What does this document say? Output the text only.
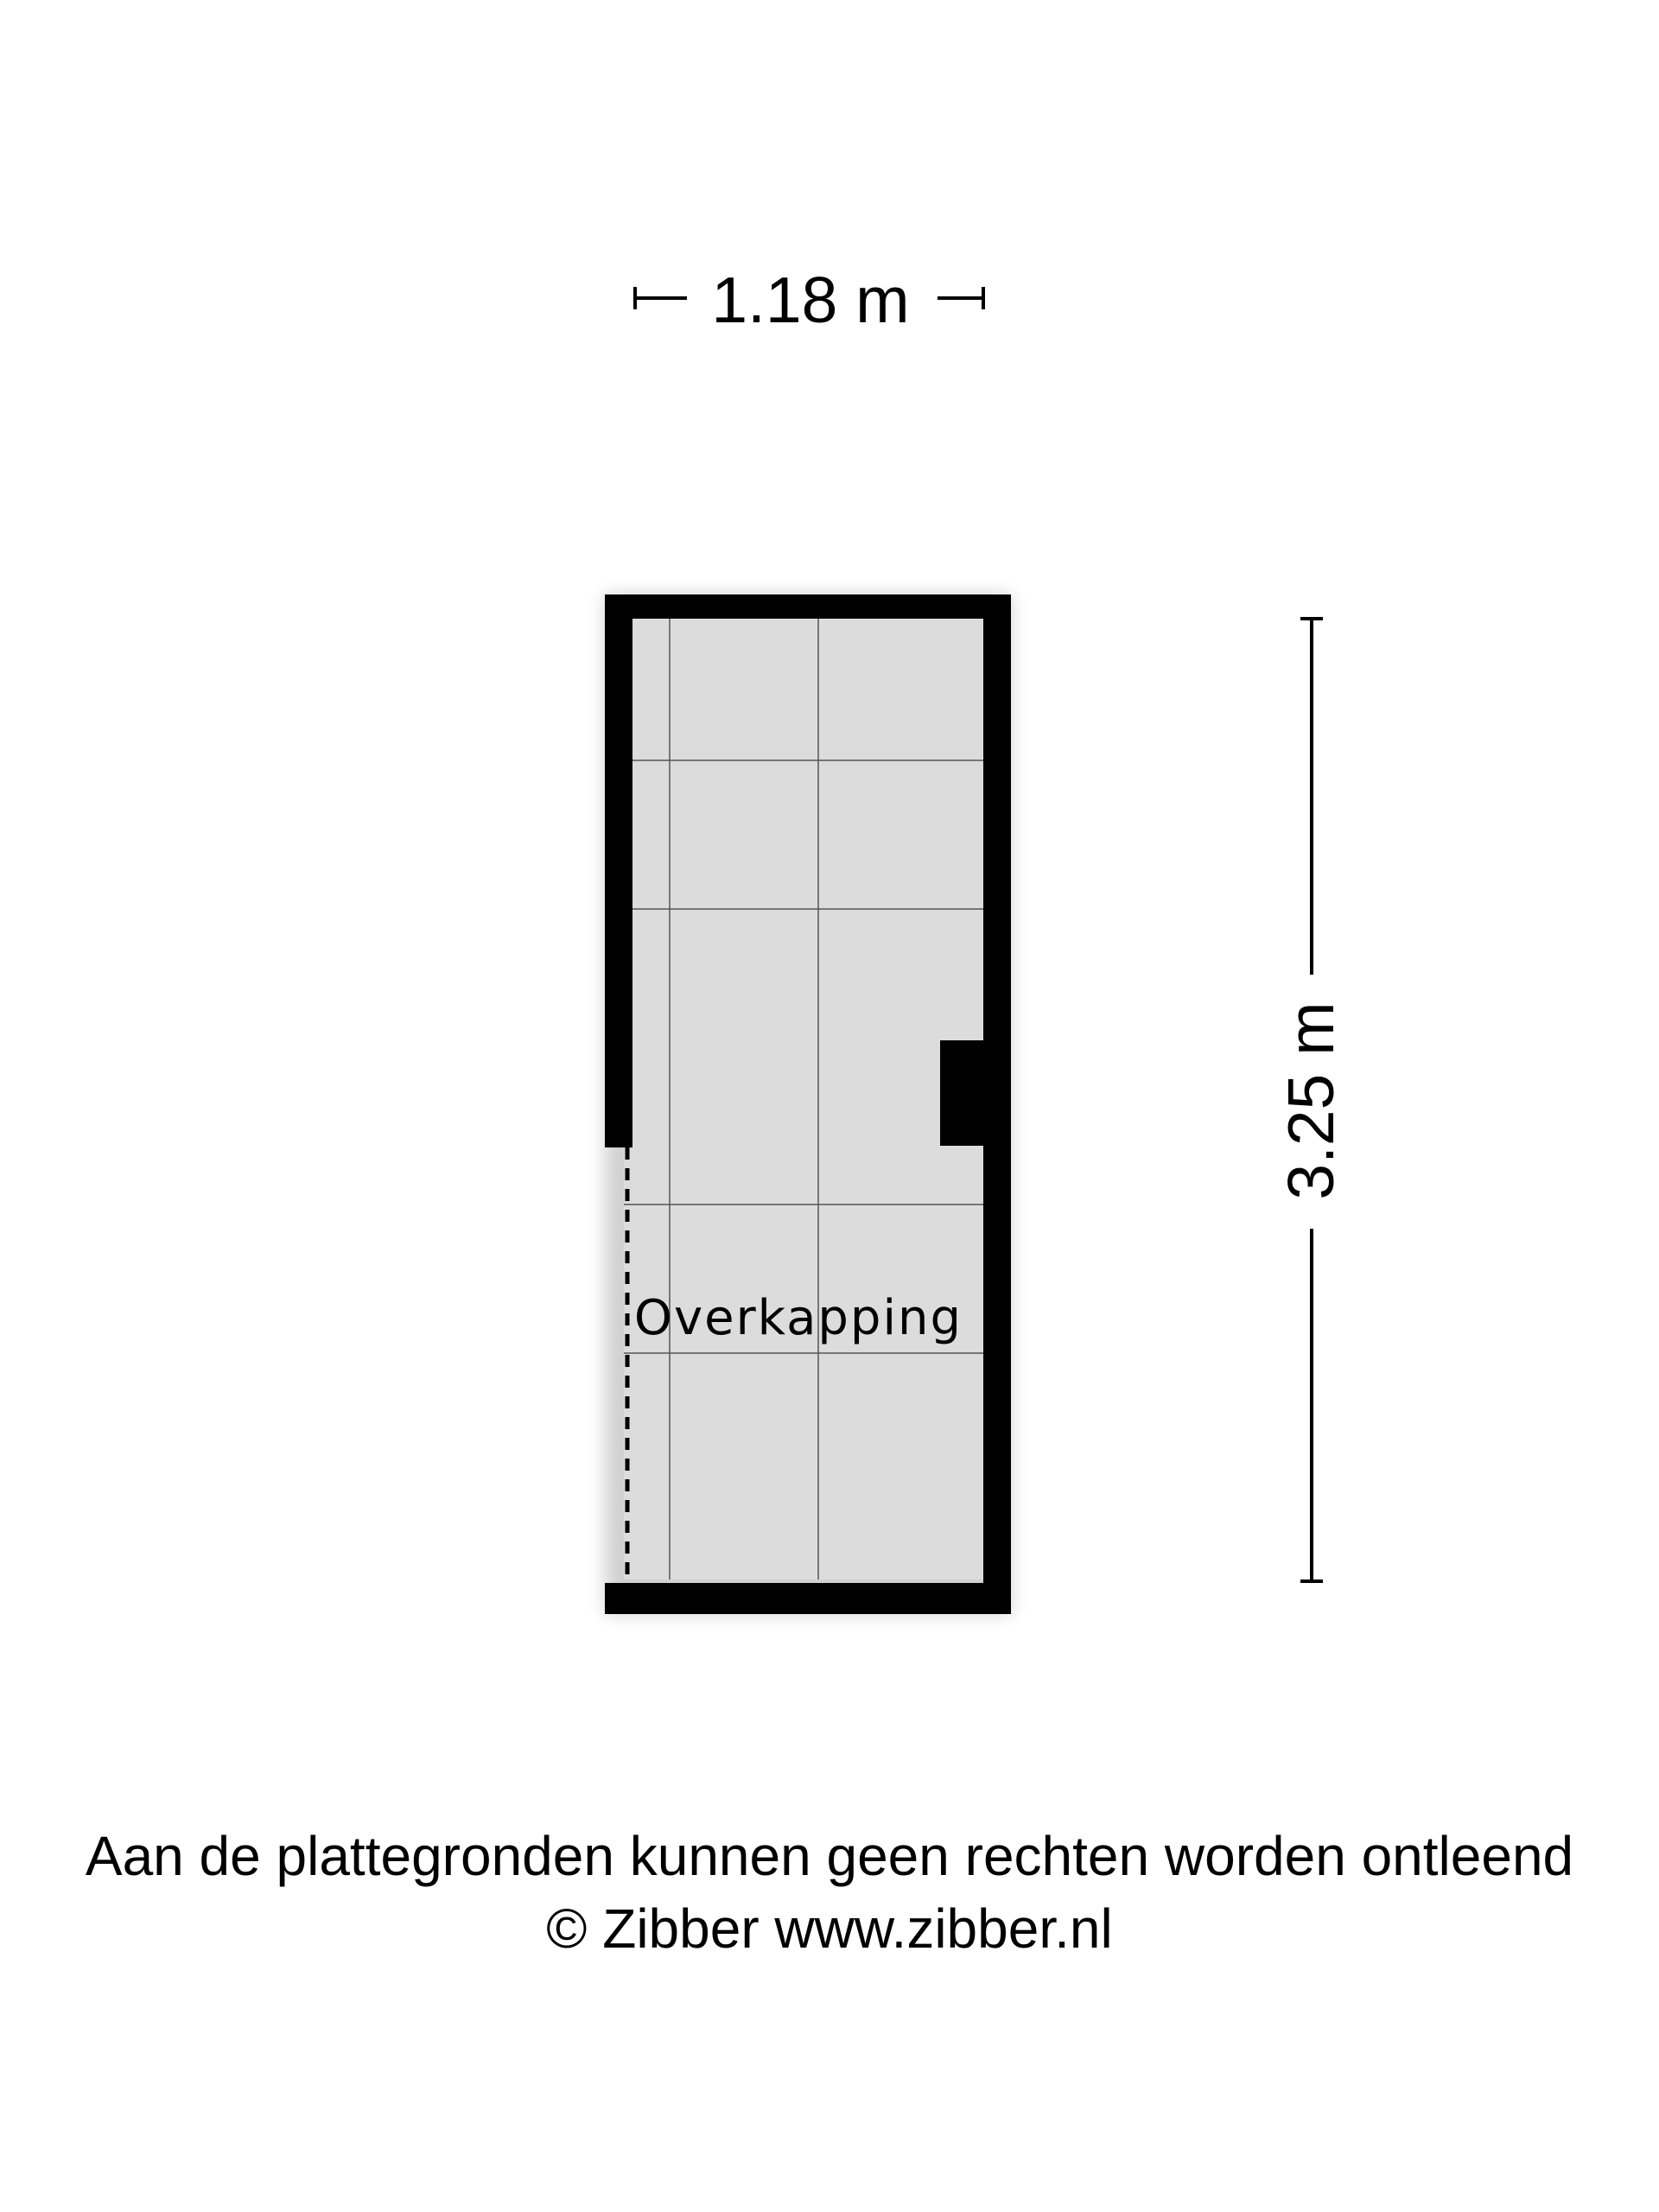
1.18 m
3.25 m
Overkapping
Aan de plattegronden kunnen geen rechten worden ontleend
© Zibber www.zibber.nl
